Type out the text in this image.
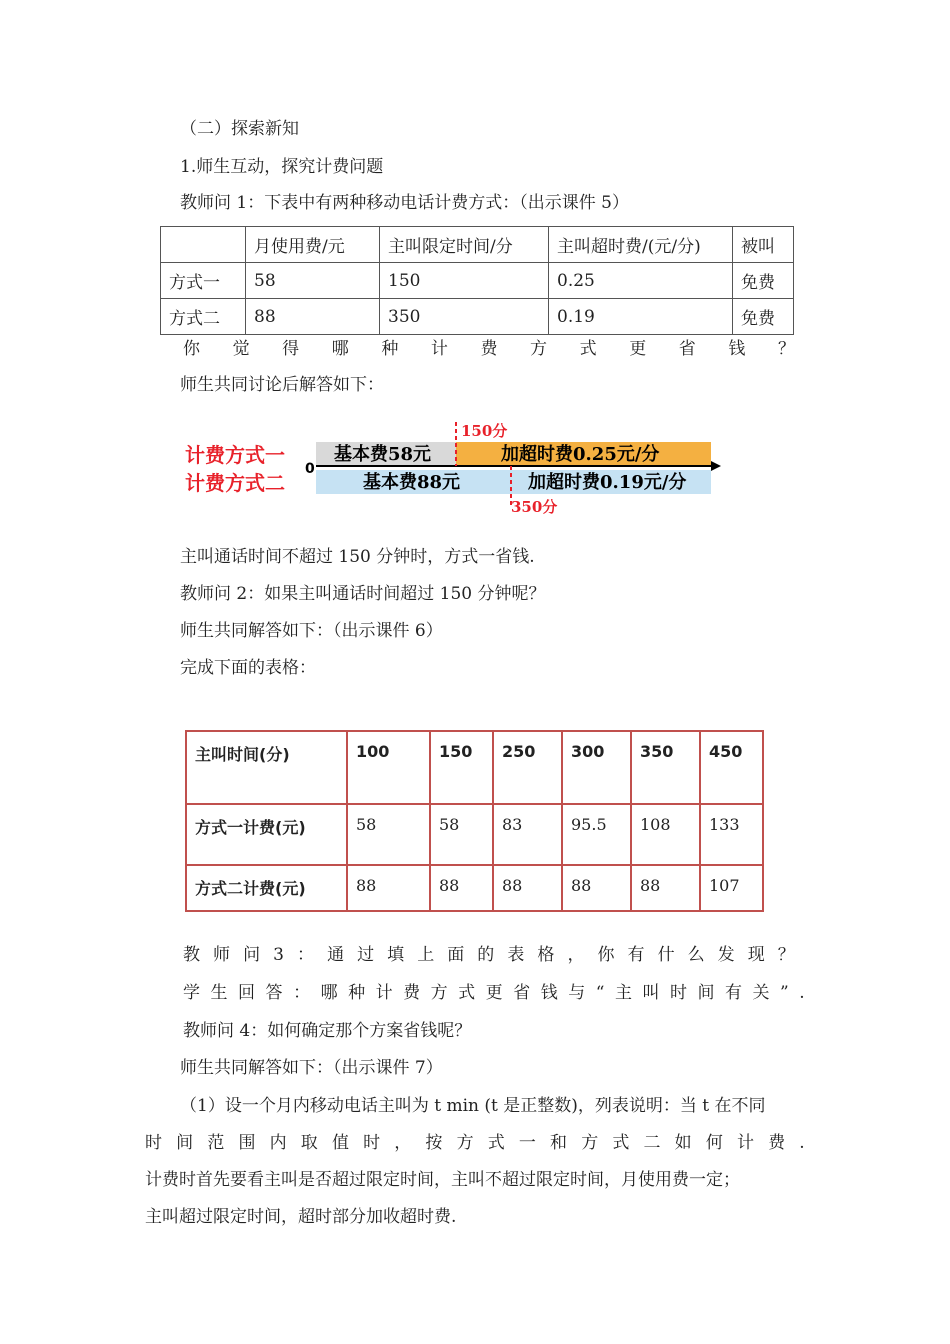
（二）探索新知
1.师生互动，探究计费问题
教师问 1：下表中有两种移动电话计费方式：（出示课件 5）
	月使用费/元	主叫限定时间/分	主叫超时费/(元/分)	被叫
方式一	58	150	0.25	免费
方式二	88	350	0.19	免费
你 觉 得 哪 种 计 费 方 式 更 省 钱 ？
师生共同讨论后解答如下：
计费方式一
计费方式二
0
基本费58元	加超时费0.25元/分
基本费88元	加超时费0.19元/分
150分
350分
主叫通话时间不超过 150 分钟时，方式一省钱.
教师问 2：如果主叫通话时间超过 150 分钟呢？
师生共同解答如下：（出示课件 6）
完成下面的表格：
主叫时间(分)	100	150	250	300	350	450
方式一计费(元)	58	58	83	95.5	108	133
方式二计费(元)	88	88	88	88	88	107
教 师 问 3 ： 通 过 填 上 面 的 表 格 ， 你 有 什 么 发 现 ？
学 生 回 答 ： 哪 种 计 费 方 式 更 省 钱 与 “ 主 叫 时 间 有 关 ” .
教师问 4：如何确定那个方案省钱呢？
师生共同解答如下：（出示课件 7）
（1）设一个月内移动电话主叫为 t min (t 是正整数)，列表说明：当 t 在不同
时 间 范 围 内 取 值 时 ， 按 方 式 一 和 方 式 二 如 何 计 费 .
计费时首先要看主叫是否超过限定时间，主叫不超过限定时间，月使用费一定；
主叫超过限定时间，超时部分加收超时费.
